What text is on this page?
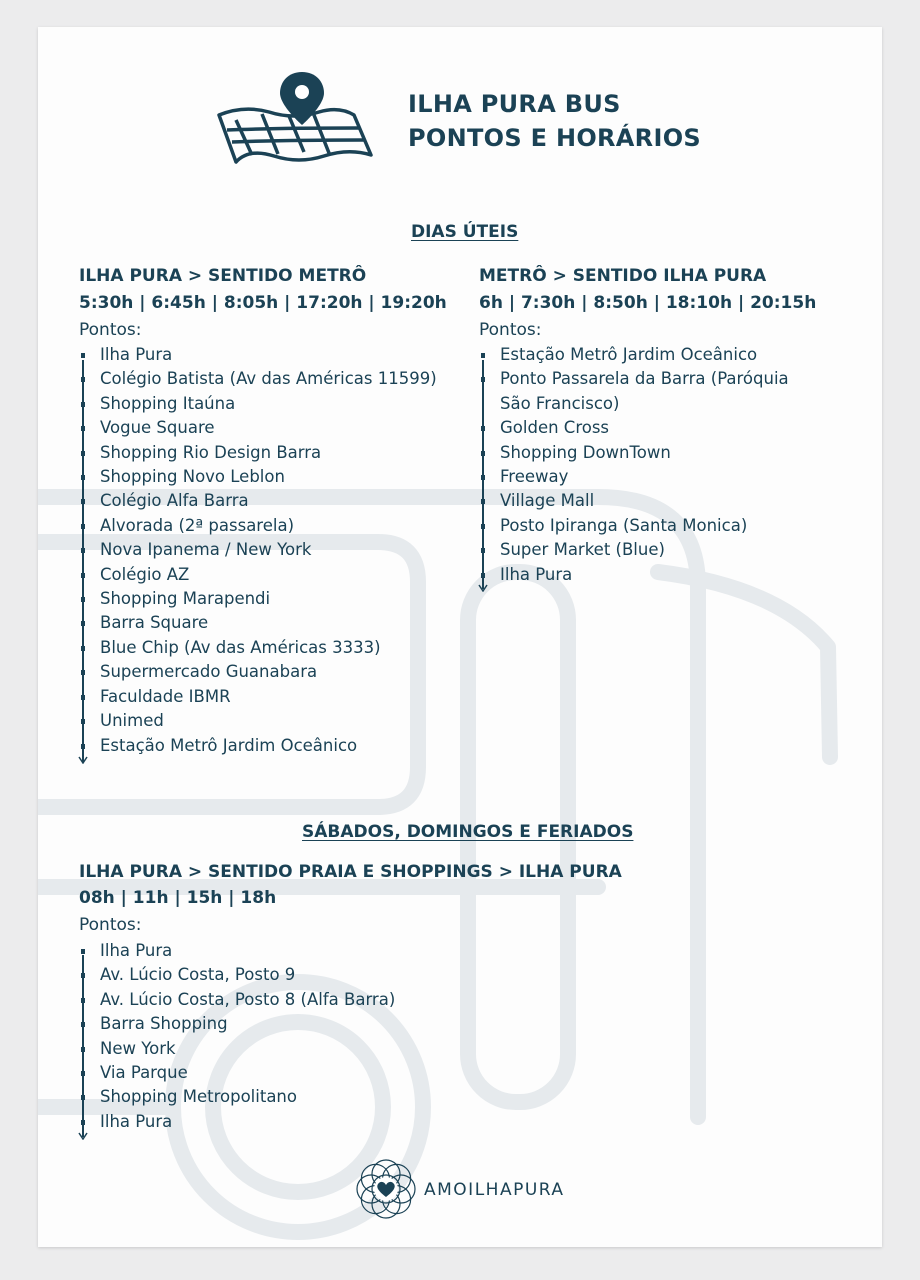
ILHA PURA BUS
PONTOS E HORÁRIOS
DIAS ÚTEIS
ILHA PURA > SENTIDO METRÔ
5:30h | 6:45h | 8:05h | 17:20h | 19:20h
Pontos:
Ilha Pura
Colégio Batista (Av das Américas 11599)
Shopping Itaúna
Vogue Square
Shopping Rio Design Barra
Shopping Novo Leblon
Colégio Alfa Barra
Alvorada (2ª passarela)
Nova Ipanema / New York
Colégio AZ
Shopping Marapendi
Barra Square
Blue Chip (Av das Américas 3333)
Supermercado Guanabara
Faculdade IBMR
Unimed
Estação Metrô Jardim Oceânico
METRÔ > SENTIDO ILHA PURA
6h | 7:30h | 8:50h | 18:10h | 20:15h
Pontos:
Estação Metrô Jardim Oceânico
Ponto Passarela da Barra (Paróquia São Francisco)
Golden Cross
Shopping DownTown
Freeway
Village Mall
Posto Ipiranga (Santa Monica)
Super Market (Blue)
Ilha Pura
SÁBADOS, DOMINGOS E FERIADOS
ILHA PURA > SENTIDO PRAIA E SHOPPINGS > ILHA PURA
08h | 11h | 15h | 18h
Pontos:
Ilha Pura
Av. Lúcio Costa, Posto 9
Av. Lúcio Costa, Posto 8 (Alfa Barra)
Barra Shopping
New York
Via Parque
Shopping Metropolitano
Ilha Pura
AMOILHAPURA
